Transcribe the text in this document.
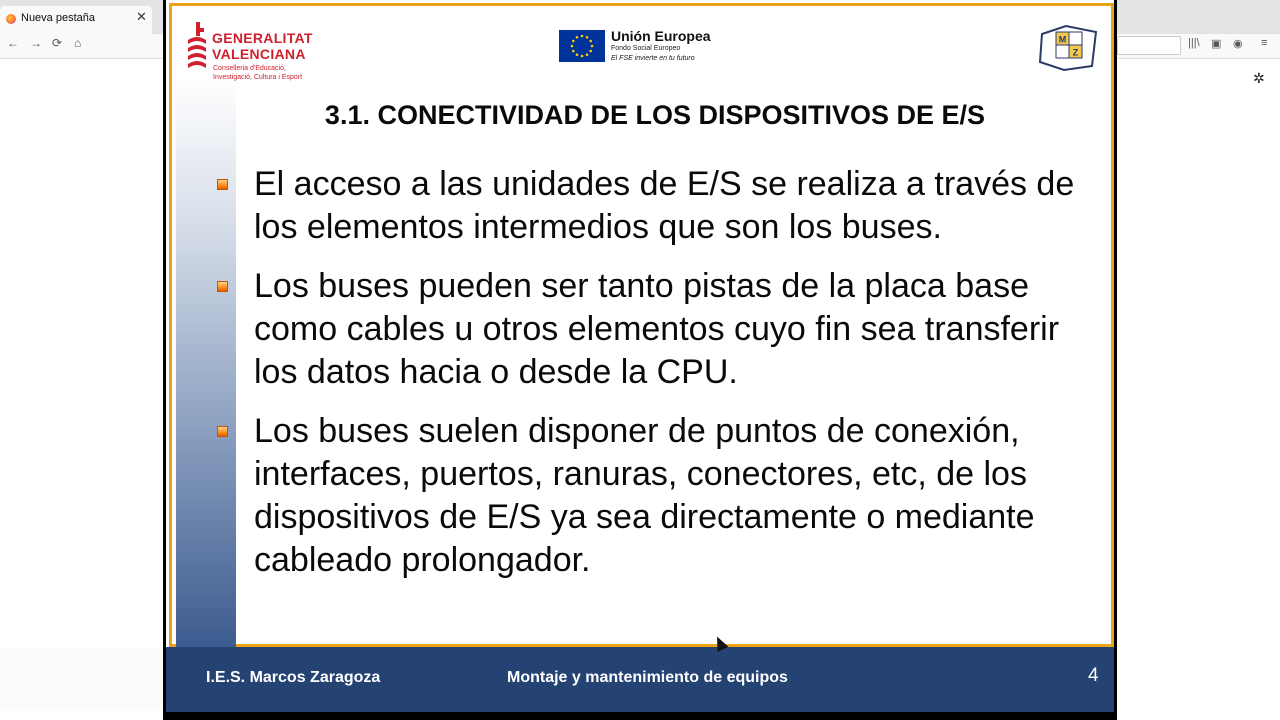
Nueva pestaña	✕
← → ⟳ ⌂	|||\ ▣ ◉ ≡
✲
GENERALITAT
VALENCIANA
Conselleria d'Educació,
Investigació, Cultura i Esport
Unión Europea
Fondo Social Europeo
El FSE invierte en tu futuro
M
Z
3.1. CONECTIVIDAD DE LOS DISPOSITIVOS DE E/S
El acceso a las unidades de E/S se realiza a través de los elementos intermedios que son los buses.
Los buses pueden ser tanto pistas de la placa base como cables u otros elementos cuyo fin sea transferir los datos hacia o desde la CPU.
Los buses suelen disponer de puntos de conexión, interfaces, puertos, ranuras, conectores, etc, de los dispositivos de E/S ya sea directamente o mediante cableado prolongador.
I.E.S. Marcos Zaragoza	Montaje y mantenimiento de equipos	4
